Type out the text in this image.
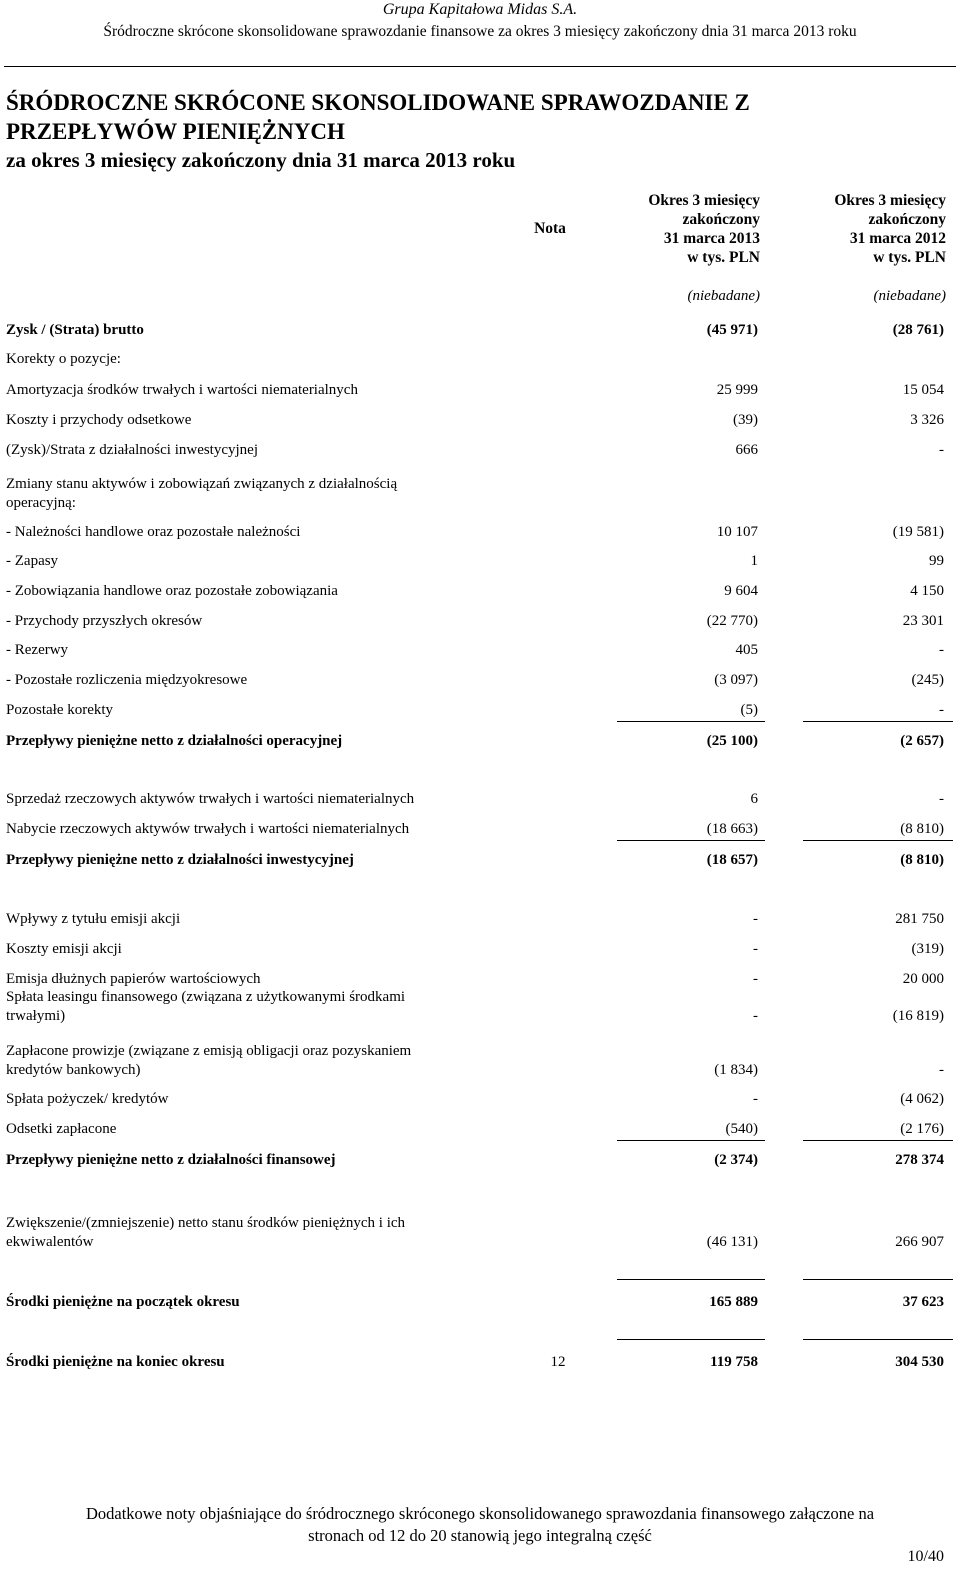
Grupa Kapitałowa Midas S.A.
Śródroczne skrócone skonsolidowane sprawozdanie finansowe za okres 3 miesięcy zakończony dnia 31 marca 2013 roku
ŚRÓDROCZNE SKRÓCONE SKONSOLIDOWANE SPRAWOZDANIE Z
PRZEPŁYWÓW PIENIĘŻNYCH
za okres 3 miesięcy zakończony dnia 31 marca 2013 roku
Nota
Okres 3 miesięcy
zakończony
31 marca 2013
w tys. PLN
Okres 3 miesięcy
zakończony
31 marca 2012
w tys. PLN
(niebadane)	(niebadane)
Zysk / (Strata) brutto	(45 971)	(28 761)
Korekty o pozycje:
Amortyzacja środków trwałych i wartości niematerialnych	25 999	15 054
Koszty i przychody odsetkowe	(39)	3 326
(Zysk)/Strata z działalności inwestycyjnej	666	-
Zmiany stanu aktywów i zobowiązań związanych z działalnością
operacyjną:
- Należności handlowe oraz pozostałe należności	10 107	(19 581)
- Zapasy	1	99
- Zobowiązania handlowe oraz pozostałe zobowiązania	9 604	4 150
- Przychody przyszłych okresów	(22 770)	23 301
- Rezerwy	405	-
- Pozostałe rozliczenia międzyokresowe	(3 097)	(245)
Pozostałe korekty	(5)	-
Przepływy pieniężne netto z działalności operacyjnej	(25 100)	(2 657)
Sprzedaż rzeczowych aktywów trwałych i wartości niematerialnych	6	-
Nabycie rzeczowych aktywów trwałych i wartości niematerialnych	(18 663)	(8 810)
Przepływy pieniężne netto z działalności inwestycyjnej	(18 657)	(8 810)
Wpływy z tytułu emisji akcji	-	281 750
Koszty emisji akcji	-	(319)
Emisja dłużnych papierów wartościowych	-	20 000
Spłata leasingu finansowego (związana z użytkowanymi środkami
trwałymi)	-	(16 819)
Zapłacone prowizje (związane z emisją obligacji oraz pozyskaniem
kredytów bankowych)	(1 834)	-
Spłata pożyczek/ kredytów	-	(4 062)
Odsetki zapłacone	(540)	(2 176)
Przepływy pieniężne netto z działalności finansowej	(2 374)	278 374
Zwiększenie/(zmniejszenie) netto stanu środków pieniężnych i ich
ekwiwalentów	(46 131)	266 907
Środki pieniężne na początek okresu	165 889	37 623
Środki pieniężne na koniec okresu	12	119 758	304 530
Dodatkowe noty objaśniające do śródrocznego skróconego skonsolidowanego sprawozdania finansowego załączone na
stronach od 12 do 20 stanowią jego integralną część
10/40
